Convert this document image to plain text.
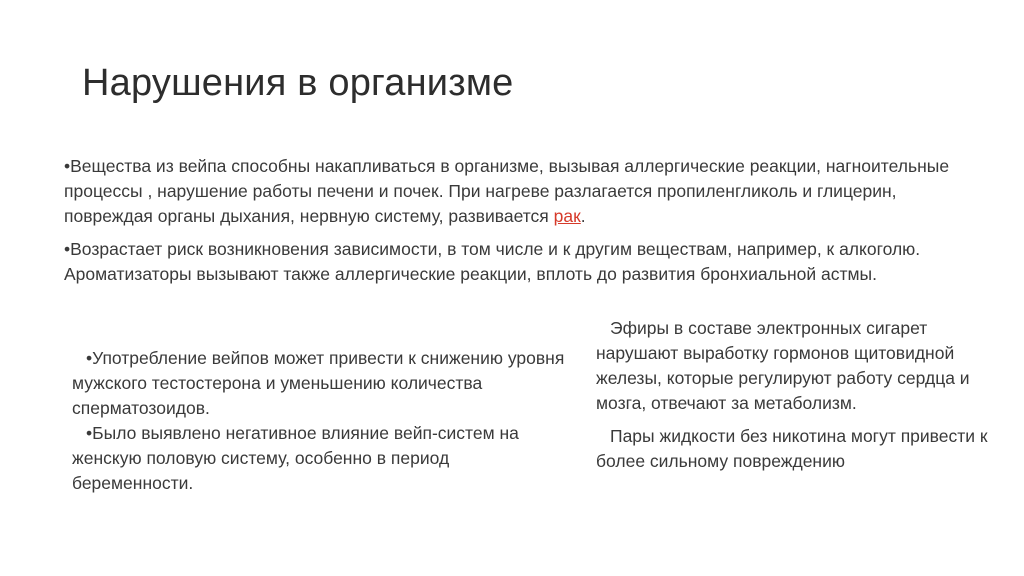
Нарушения в организме

•Вещества из вейпа способны накапливаться в организме, вызывая аллергические реакции, нагноительные процессы , нарушение работы печени и почек. При нагреве разлагается пропиленгликоль и глицерин, повреждая органы дыхания, нервную систему, развивается рак.

•Возрастает риск возникновения зависимости, в том числе и к другим веществам, например, к алкоголю. Ароматизаторы вызывают также аллергические реакции, вплоть до развития бронхиальной астмы.

•Употребление вейпов может привести к снижению уровня мужского тестостерона и уменьшению количества сперматозоидов.

•Было выявлено негативное влияние вейп-систем на женскую половую систему, особенно в период беременности.

Эфиры в составе электронных сигарет нарушают выработку гормонов щитовидной железы, которые регулируют работу сердца и мозга, отвечают за метаболизм.

Пары жидкости без никотина могут привести к более сильному повреждению
